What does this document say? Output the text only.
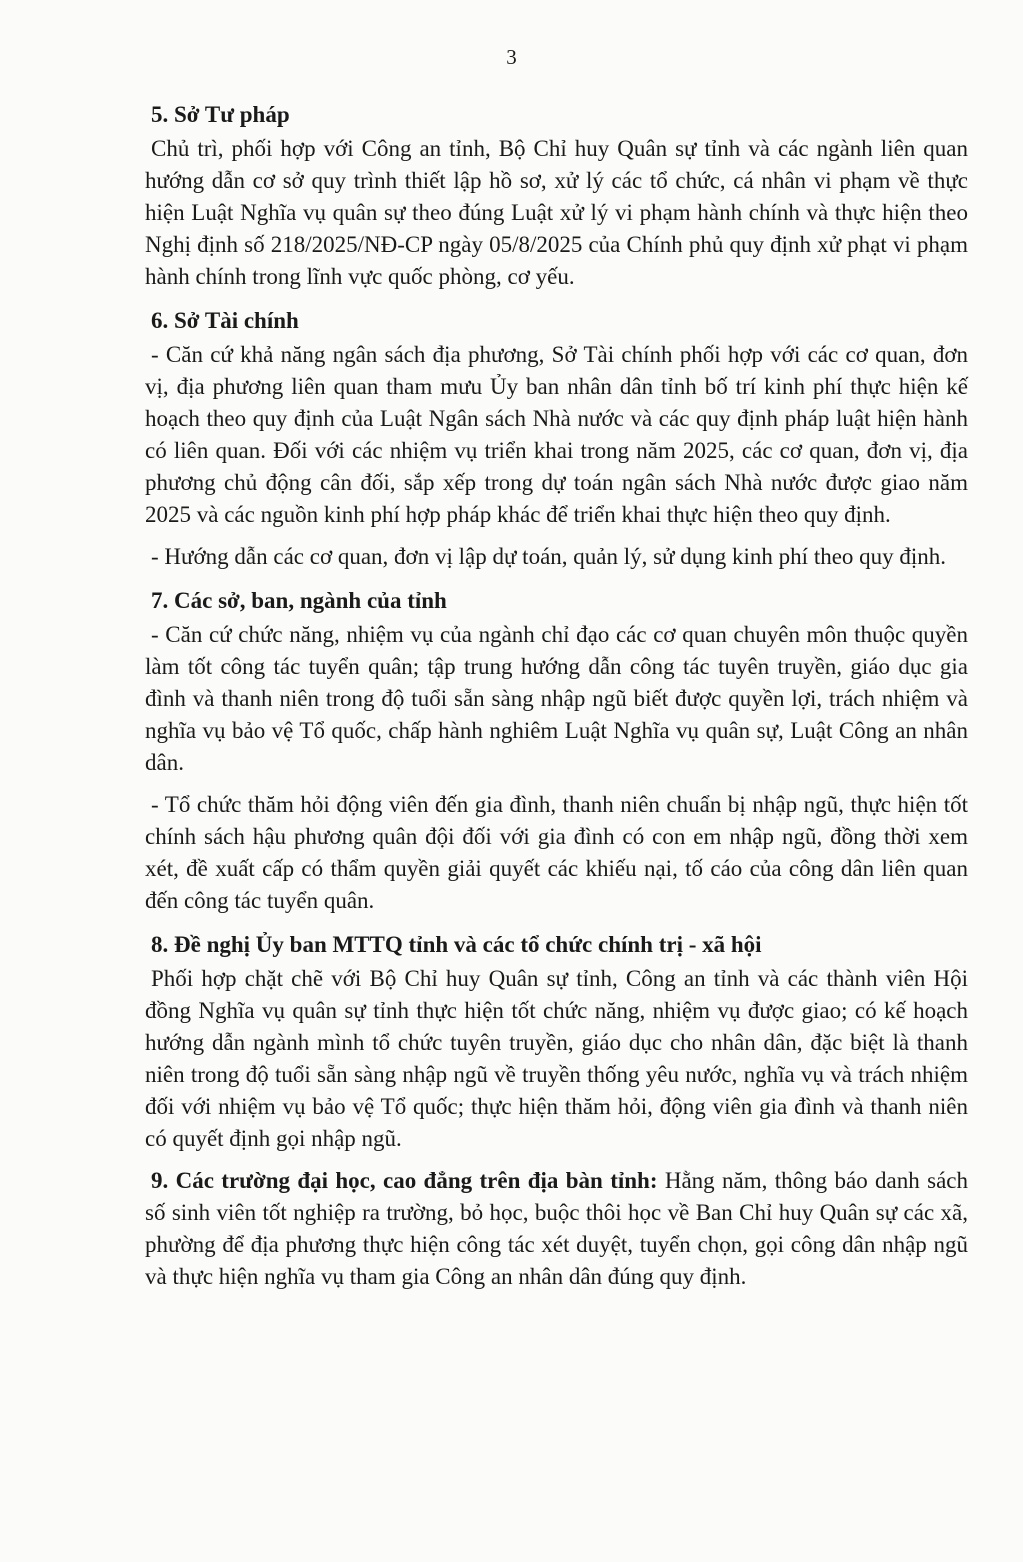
3
5. Sở Tư pháp

Chủ trì, phối hợp với Công an tỉnh, Bộ Chỉ huy Quân sự tỉnh và các ngành liên quan hướng dẫn cơ sở quy trình thiết lập hồ sơ, xử lý các tổ chức, cá nhân vi phạm về thực hiện Luật Nghĩa vụ quân sự theo đúng Luật xử lý vi phạm hành chính và thực hiện theo Nghị định số 218/2025/NĐ-CP ngày 05/8/2025 của Chính phủ quy định xử phạt vi phạm hành chính trong lĩnh vực quốc phòng, cơ yếu.

6. Sở Tài chính

- Căn cứ khả năng ngân sách địa phương, Sở Tài chính phối hợp với các cơ quan, đơn vị, địa phương liên quan tham mưu Ủy ban nhân dân tỉnh bố trí kinh phí thực hiện kế hoạch theo quy định của Luật Ngân sách Nhà nước và các quy định pháp luật hiện hành có liên quan. Đối với các nhiệm vụ triển khai trong năm 2025, các cơ quan, đơn vị, địa phương chủ động cân đối, sắp xếp trong dự toán ngân sách Nhà nước được giao năm 2025 và các nguồn kinh phí hợp pháp khác để triển khai thực hiện theo quy định.

- Hướng dẫn các cơ quan, đơn vị lập dự toán, quản lý, sử dụng kinh phí theo quy định.

7. Các sở, ban, ngành của tỉnh

- Căn cứ chức năng, nhiệm vụ của ngành chỉ đạo các cơ quan chuyên môn thuộc quyền làm tốt công tác tuyển quân; tập trung hướng dẫn công tác tuyên truyền, giáo dục gia đình và thanh niên trong độ tuổi sẵn sàng nhập ngũ biết được quyền lợi, trách nhiệm và nghĩa vụ bảo vệ Tổ quốc, chấp hành nghiêm Luật Nghĩa vụ quân sự, Luật Công an nhân dân.

- Tổ chức thăm hỏi động viên đến gia đình, thanh niên chuẩn bị nhập ngũ, thực hiện tốt chính sách hậu phương quân đội đối với gia đình có con em nhập ngũ, đồng thời xem xét, đề xuất cấp có thẩm quyền giải quyết các khiếu nại, tố cáo của công dân liên quan đến công tác tuyển quân.

8. Đề nghị Ủy ban MTTQ tỉnh và các tổ chức chính trị - xã hội

Phối hợp chặt chẽ với Bộ Chỉ huy Quân sự tỉnh, Công an tỉnh và các thành viên Hội đồng Nghĩa vụ quân sự tỉnh thực hiện tốt chức năng, nhiệm vụ được giao; có kế hoạch hướng dẫn ngành mình tổ chức tuyên truyền, giáo dục cho nhân dân, đặc biệt là thanh niên trong độ tuổi sẵn sàng nhập ngũ về truyền thống yêu nước, nghĩa vụ và trách nhiệm đối với nhiệm vụ bảo vệ Tổ quốc; thực hiện thăm hỏi, động viên gia đình và thanh niên có quyết định gọi nhập ngũ.

9. Các trường đại học, cao đẳng trên địa bàn tỉnh: Hằng năm, thông báo danh sách số sinh viên tốt nghiệp ra trường, bỏ học, buộc thôi học về Ban Chỉ huy Quân sự các xã, phường để địa phương thực hiện công tác xét duyệt, tuyển chọn, gọi công dân nhập ngũ và thực hiện nghĩa vụ tham gia Công an nhân dân đúng quy định.
